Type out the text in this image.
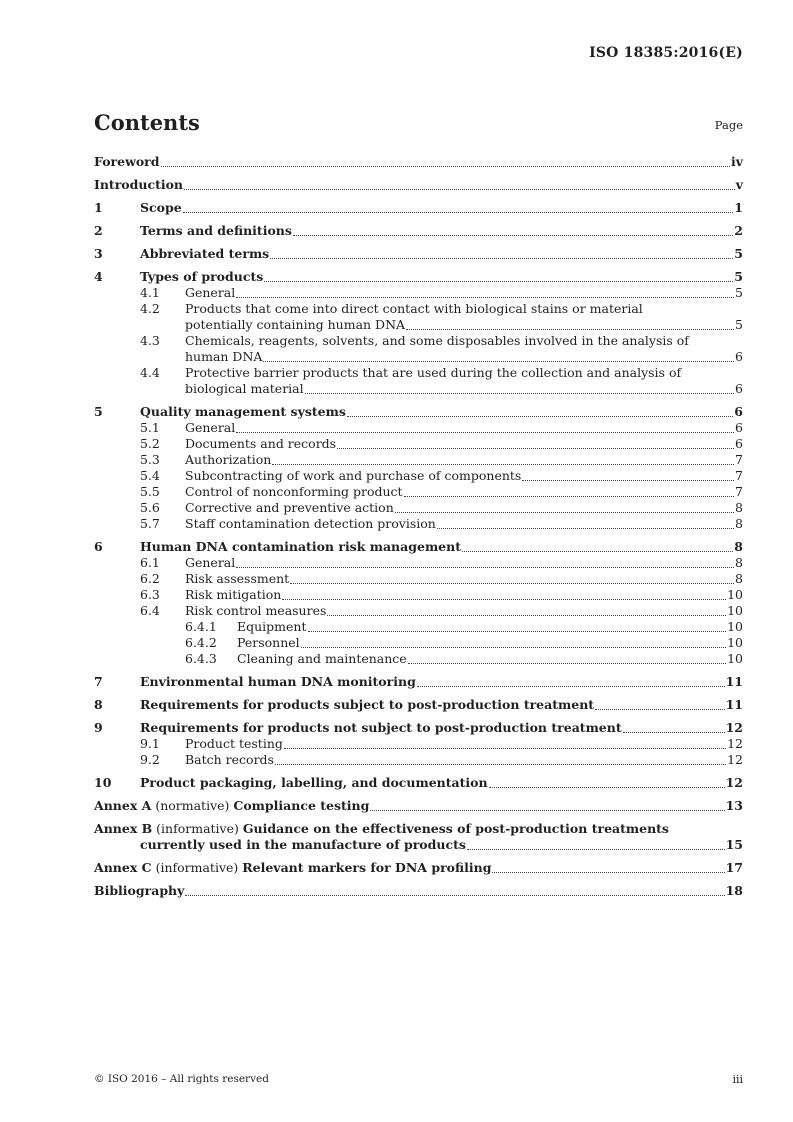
ISO 18385:2016(E)
Contents	Page
Foreword	iv
Introduction	v
1	Scope	1
2	Terms and definitions	2
3	Abbreviated terms	5
4	Types of products	5
4.1	General	5
4.2	Products that come into direct contact with biological stains or material
potentially containing human DNA	5
4.3	Chemicals, reagents, solvents, and some disposables involved in the analysis of
human DNA	6
4.4	Protective barrier products that are used during the collection and analysis of
biological material	6
5	Quality management systems	6
5.1	General	6
5.2	Documents and records	6
5.3	Authorization	7
5.4	Subcontracting of work and purchase of components	7
5.5	Control of nonconforming product	7
5.6	Corrective and preventive action	8
5.7	Staff contamination detection provision	8
6	Human DNA contamination risk management	8
6.1	General	8
6.2	Risk assessment	8
6.3	Risk mitigation	10
6.4	Risk control measures	10
6.4.1	Equipment	10
6.4.2	Personnel	10
6.4.3	Cleaning and maintenance	10
7	Environmental human DNA monitoring	11
8	Requirements for products subject to post-production treatment	11
9	Requirements for products not subject to post-production treatment	12
9.1	Product testing	12
9.2	Batch records	12
10	Product packaging, labelling, and documentation	12
Annex A (normative) Compliance testing	13
Annex B (informative) Guidance on the effectiveness of post-production treatments
currently used in the manufacture of products	15
Annex C (informative) Relevant markers for DNA profiling	17
Bibliography	18
© ISO 2016 – All rights reserved	iii
